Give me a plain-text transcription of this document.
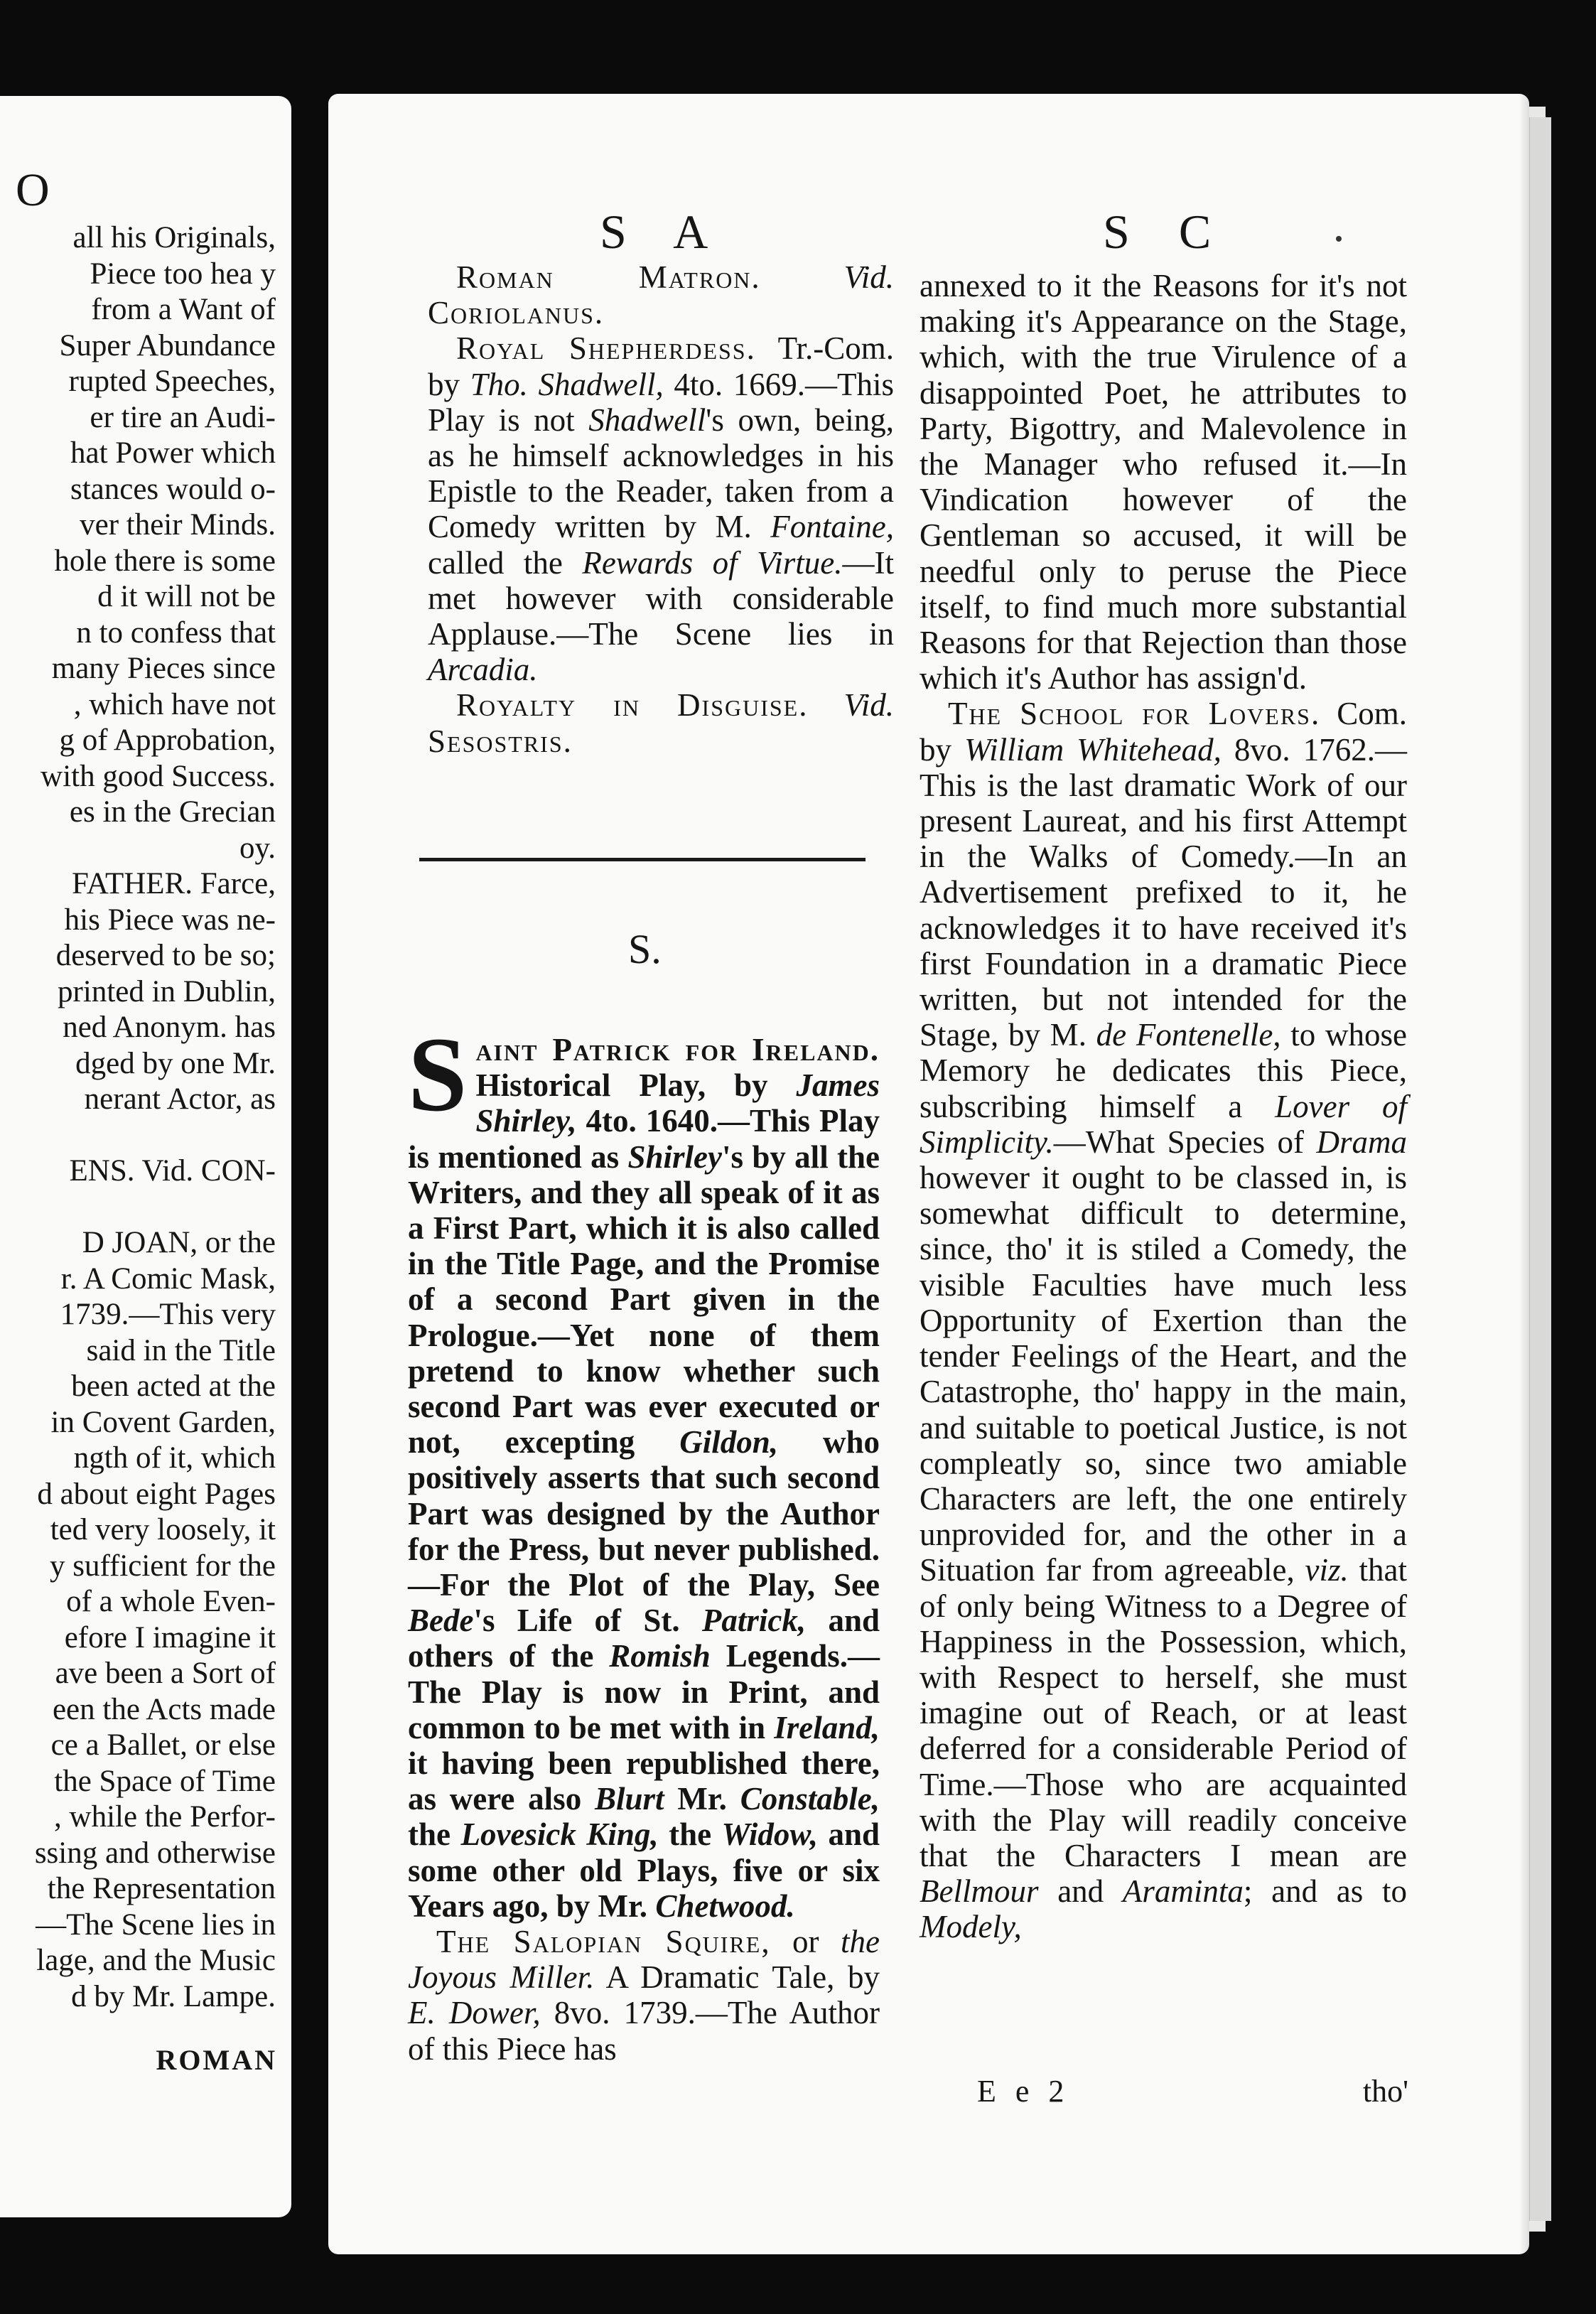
O
all his Originals,
Piece too hea y
from a Want of
Super Abundance
rupted Speeches,
er tire an Audi-
hat Power which
stances would o-
ver their Minds.
hole there is some
d it will not be
n to confess that
many Pieces since
, which have not
g of Approbation,
with good Success.
es in the Grecian
oy.
FATHER. Farce,
his Piece was ne-
deserved to be so;
printed in Dublin,
ned Anonym. has
dged by one Mr.
nerant Actor, as
ENS. Vid. CON-
D JOAN, or the
r. A Comic Mask,
1739.—This very
said in the Title
been acted at the
in Covent Garden,
ngth of it, which
d about eight Pages
ted very loosely, it
y sufficient for the
of a whole Even-
efore I imagine it
ave been a Sort of
een the Acts made
ce a Ballet, or else
the Space of Time
, while the Perfor-
ssing and otherwise
the Representation
—The Scene lies in
lage, and the Music
d by Mr. Lampe.
ROMAN
S A	S C

Roman Matron.	Vid. Coriolanus.

Royal Shepherdess. Tr.-Com. by Tho. Shadwell, 4to. 1669.—This Play is not Shadwell's own, being, as he himself acknowledges in his Epistle to the Reader, taken from a Comedy written by M. Fontaine, called the Rewards of Virtue.—It met however with considerable Applause.—The Scene lies in Arcadia.

Royalty in Disguise. Vid. Sesostris.

S.

Saint Patrick for Ireland. Historical Play, by James Shirley, 4to. 1640.—This Play is mentioned as Shirley's by all the Writers, and they all speak of it as a First Part, which it is also called in the Title Page, and the Promise of a second Part given in the Prologue.—Yet none of them pretend to know whether such second Part was ever executed or not, excepting Gildon, who positively asserts that such second Part was designed by the Author for the Press, but never published.—For the Plot of the Play, See Bede's Life of St. Patrick, and others of the Romish Legends.—The Play is now in Print, and common to be met with in Ireland, it having been republished there, as were also Blurt Mr. Constable, the Lovesick King, the Widow, and some other old Plays, five or six Years ago, by Mr. Chetwood.

The Salopian Squire, or the Joyous Miller. A Dramatic Tale, by E. Dower, 8vo. 1739.—The Author of this Piece has

annexed to it the Reasons for it's not making it's Appearance on the Stage, which, with the true Virulence of a disappointed Poet, he attributes to Party, Bigottry, and Malevolence in the Manager who refused it.—In Vindication however of the Gentleman so accused, it will be needful only to peruse the Piece itself, to find much more substantial Reasons for that Rejection than those which it's Author has assign'd.

The School for Lovers. Com. by William Whitehead, 8vo. 1762.—This is the last dramatic Work of our present Laureat, and his first Attempt in the Walks of Comedy.—In an Advertisement prefixed to it, he acknowledges it to have received it's first Foundation in a dramatic Piece written, but not intended for the Stage, by M. de Fontenelle, to whose Memory he dedicates this Piece, subscribing himself a Lover of Simplicity.—What Species of Drama however it ought to be classed in, is somewhat difficult to determine, since, tho' it is stiled a Comedy, the visible Faculties have much less Opportunity of Exertion than the tender Feelings of the Heart, and the Catastrophe, tho' happy in the main, and suitable to poetical Justice, is not compleatly so, since two amiable Characters are left, the one entirely unprovided for, and the other in a Situation far from agreeable, viz. that of only being Witness to a Degree of Happiness in the Possession, which, with Respect to herself, she must imagine out of Reach, or at least deferred for a considerable Period of Time.—Those who are acquainted with the Play will readily conceive that the Characters I mean are Bellmour and Araminta; and as to Modely,

E e 2	tho'
